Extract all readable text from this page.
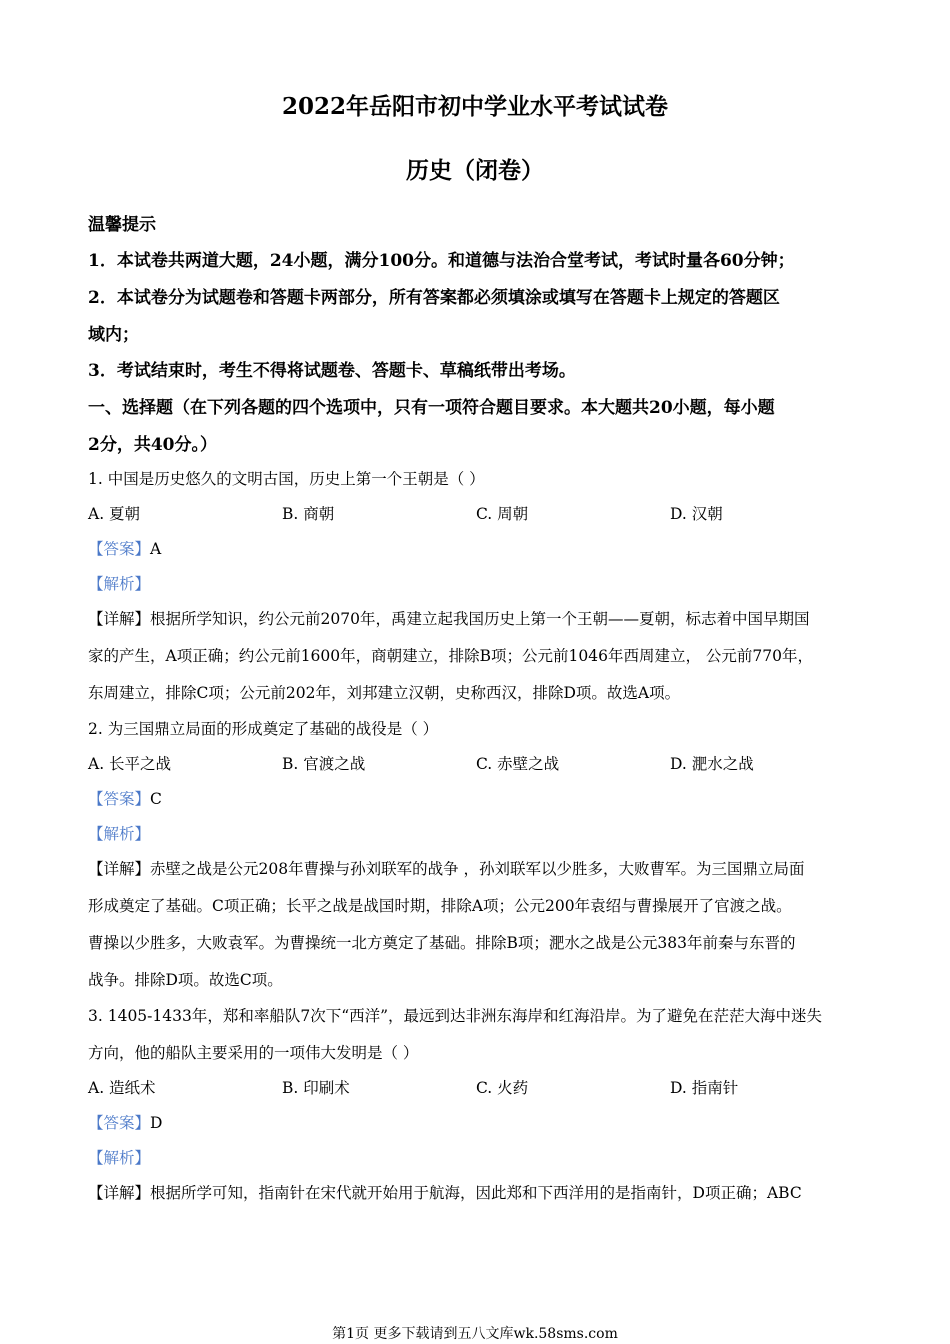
2022年岳阳市初中学业水平考试试卷
历史（闭卷）
温馨提示
1．本试卷共两道大题，24小题，满分100分。和道德与法治合堂考试，考试时量各60分钟；
2．本试卷分为试题卷和答题卡两部分，所有答案都必须填涂或填写在答题卡上规定的答题区
域内；
3．考试结束时，考生不得将试题卷、答题卡、草稿纸带出考场。
一、选择题（在下列各题的四个选项中，只有一项符合题目要求。本大题共20小题，每小题
2分，共40分。）
1. 中国是历史悠久的文明古国，历史上第一个王朝是（ ）
A. 夏朝	B. 商朝	C. 周朝	D. 汉朝
【答案】A
【解析】
【详解】根据所学知识，约公元前2070年，禹建立起我国历史上第一个王朝——夏朝，标志着中国早期国
家的产生，A项正确；约公元前1600年，商朝建立，排除B项；公元前1046年西周建立， 公元前770年，
东周建立，排除C项；公元前202年，刘邦建立汉朝，史称西汉，排除D项。故选A项。
2. 为三国鼎立局面的形成奠定了基础的战役是（ ）
A. 长平之战	B. 官渡之战	C. 赤壁之战	D. 淝水之战
【答案】C
【解析】
【详解】赤壁之战是公元208年曹操与孙刘联军的战争 ，孙刘联军以少胜多，大败曹军。为三国鼎立局面
形成奠定了基础。C项正确；长平之战是战国时期，排除A项；公元200年袁绍与曹操展开了官渡之战。
曹操以少胜多，大败袁军。为曹操统一北方奠定了基础。排除B项；淝水之战是公元383年前秦与东晋的
战争。排除D项。故选C项。
3. 1405-1433年，郑和率船队7次下“西洋”，最远到达非洲东海岸和红海沿岸。为了避免在茫茫大海中迷失
方向，他的船队主要采用的一项伟大发明是（ ）
A. 造纸术	B. 印刷术	C. 火药	D. 指南针
【答案】D
【解析】
【详解】根据所学可知，指南针在宋代就开始用于航海，因此郑和下西洋用的是指南针，D项正确；ABC
第1页 更多下载请到五八文库wk.58sms.com
